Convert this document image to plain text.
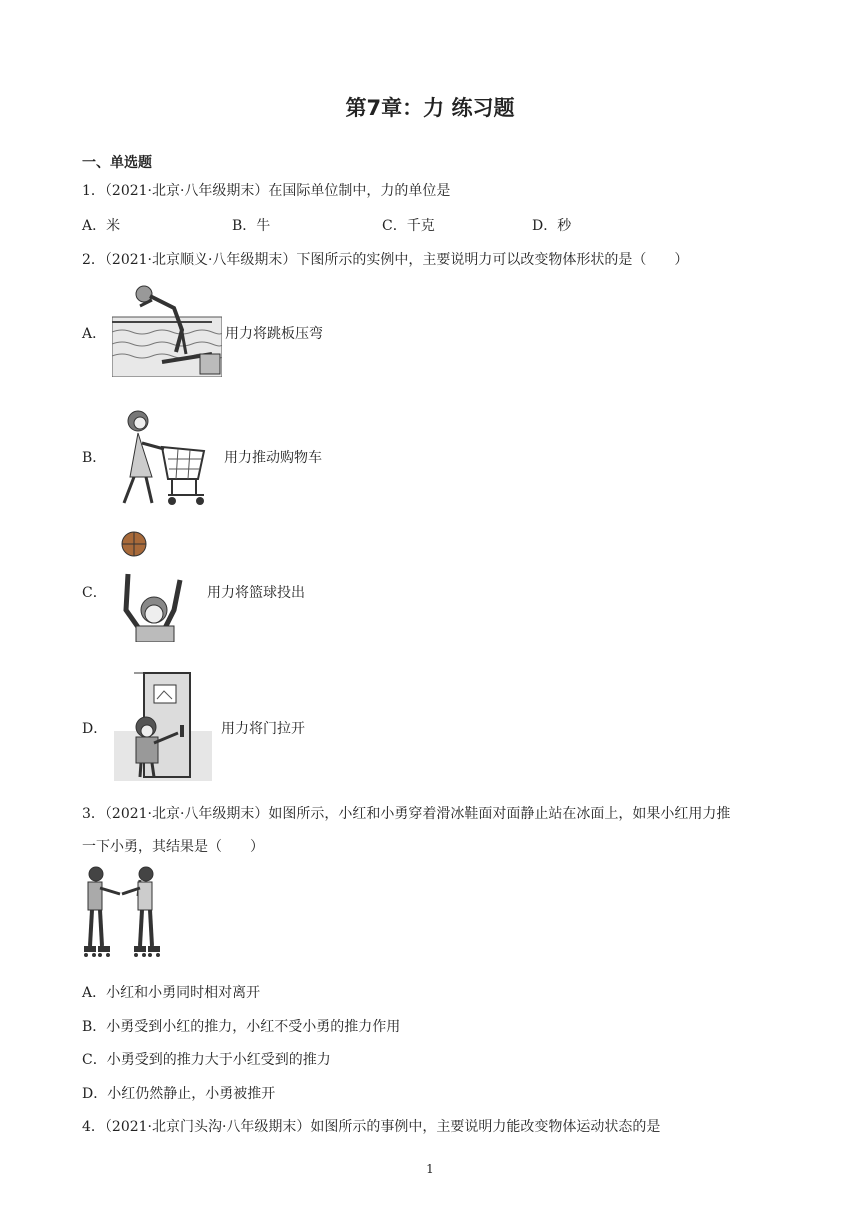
第7章：力 练习题
一、单选题
1．（2021·北京·八年级期末）在国际单位制中，力的单位是
A．米	B．牛	C．千克	D．秒
2．（2021·北京顺义·八年级期末）下图所示的实例中，主要说明力可以改变物体形状的是（　　）
A．	用力将跳板压弯
B．	用力推动购物车
C．	用力将篮球投出
D．	用力将门拉开
3．（2021·北京·八年级期末）如图所示，小红和小勇穿着滑冰鞋面对面静止站在冰面上，如果小红用力推
一下小勇，其结果是（　　）
A．小红和小勇同时相对离开
B．小勇受到小红的推力，小红不受小勇的推力作用
C．小勇受到的推力大于小红受到的推力
D．小红仍然静止，小勇被推开
4．（2021·北京门头沟·八年级期末）如图所示的事例中，主要说明力能改变物体运动状态的是
1
